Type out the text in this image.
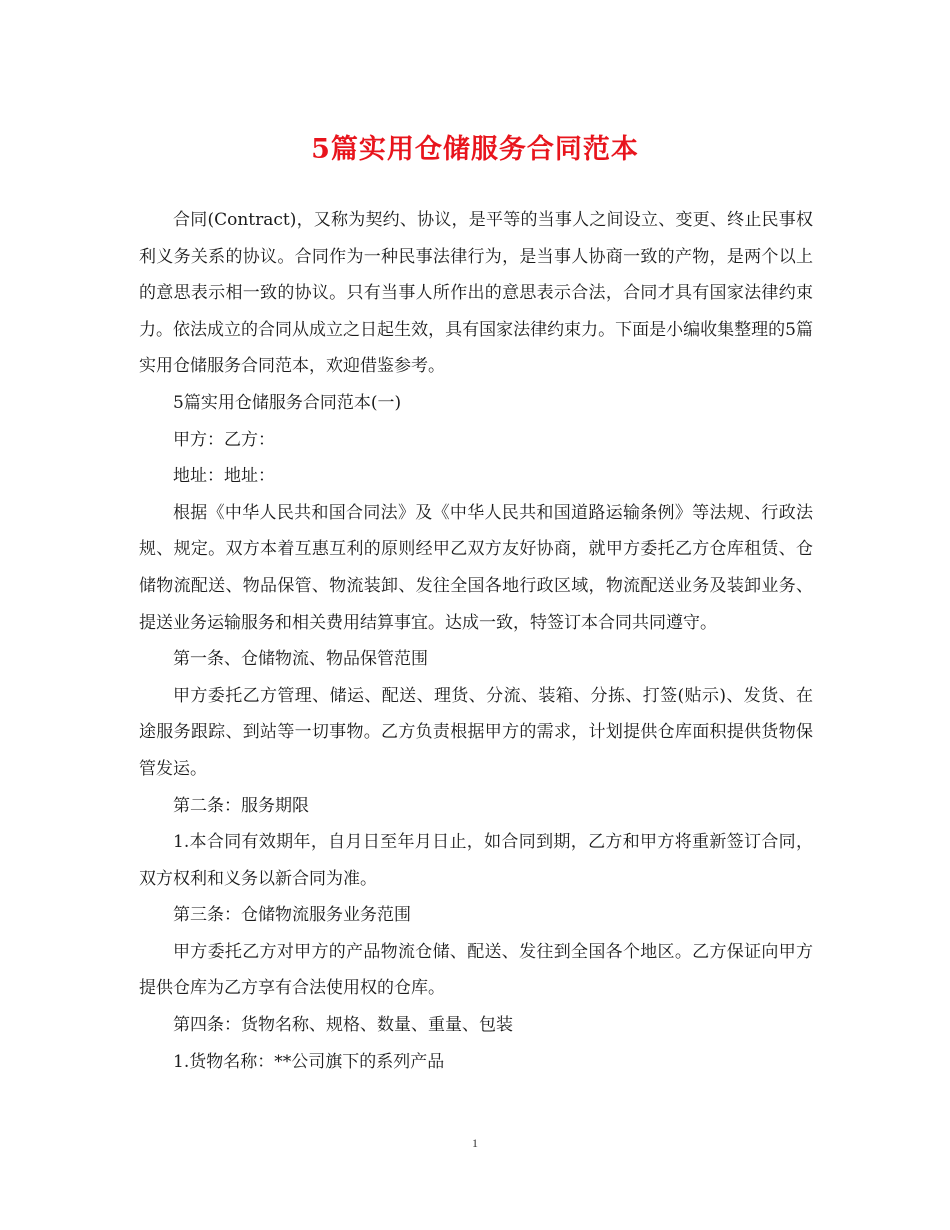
5篇实用仓储服务合同范本

合同(Contract)，又称为契约、协议，是平等的当事人之间设立、变更、终止民事权利义务关系的协议。合同作为一种民事法律行为，是当事人协商一致的产物，是两个以上的意思表示相一致的协议。只有当事人所作出的意思表示合法，合同才具有国家法律约束力。依法成立的合同从成立之日起生效，具有国家法律约束力。下面是小编收集整理的5篇实用仓储服务合同范本，欢迎借鉴参考。

5篇实用仓储服务合同范本(一)

甲方：乙方：

地址：地址：

根据《中华人民共和国合同法》及《中华人民共和国道路运输条例》等法规、行政法规、规定。双方本着互惠互利的原则经甲乙双方友好协商，就甲方委托乙方仓库租赁、仓储物流配送、物品保管、物流装卸、发往全国各地行政区域，物流配送业务及装卸业务、提送业务运输服务和相关费用结算事宜。达成一致，特签订本合同共同遵守。

第一条、仓储物流、物品保管范围

甲方委托乙方管理、储运、配送、理货、分流、装箱、分拣、打签(贴示)、发货、在途服务跟踪、到站等一切事物。乙方负责根据甲方的需求，计划提供仓库面积提供货物保管发运。

第二条：服务期限

1.本合同有效期年，自月日至年月日止，如合同到期，乙方和甲方将重新签订合同，双方权利和义务以新合同为准。

第三条：仓储物流服务业务范围

甲方委托乙方对甲方的产品物流仓储、配送、发往到全国各个地区。乙方保证向甲方提供仓库为乙方享有合法使用权的仓库。

第四条：货物名称、规格、数量、重量、包装

1.货物名称：**公司旗下的系列产品

1
